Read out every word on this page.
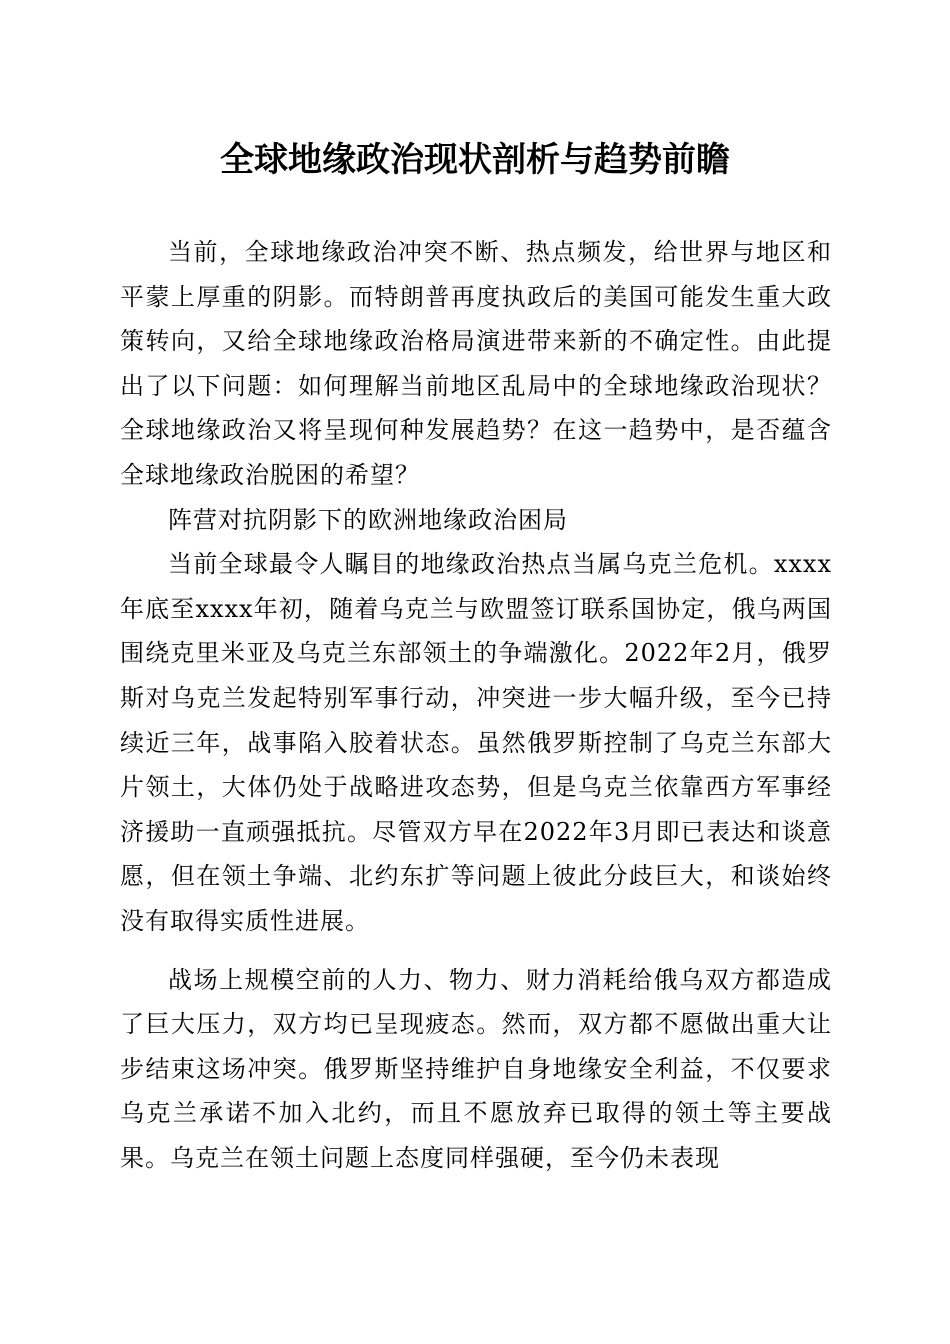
全球地缘政治现状剖析与趋势前瞻

当前，全球地缘政治冲突不断、热点频发，给世界与地区和平蒙上厚重的阴影。而特朗普再度执政后的美国可能发生重大政策转向，又给全球地缘政治格局演进带来新的不确定性。由此提出了以下问题：如何理解当前地区乱局中的全球地缘政治现状？全球地缘政治又将呈现何种发展趋势？在这一趋势中，是否蕴含全球地缘政治脱困的希望？

阵营对抗阴影下的欧洲地缘政治困局

当前全球最令人瞩目的地缘政治热点当属乌克兰危机。xxxx年底至xxxx年初，随着乌克兰与欧盟签订联系国协定，俄乌两国围绕克里米亚及乌克兰东部领土的争端激化。2022年2月，俄罗斯对乌克兰发起特别军事行动，冲突进一步大幅升级，至今已持续近三年，战事陷入胶着状态。虽然俄罗斯控制了乌克兰东部大片领土，大体仍处于战略进攻态势，但是乌克兰依靠西方军事经济援助一直顽强抵抗。尽管双方早在2022年3月即已表达和谈意愿，但在领土争端、北约东扩等问题上彼此分歧巨大，和谈始终没有取得实质性进展。

战场上规模空前的人力、物力、财力消耗给俄乌双方都造成了巨大压力，双方均已呈现疲态。然而，双方都不愿做出重大让步结束这场冲突。俄罗斯坚持维护自身地缘安全利益，不仅要求乌克兰承诺不加入北约，而且不愿放弃已取得的领土等主要战果。乌克兰在领土问题上态度同样强硬，至今仍未表现
